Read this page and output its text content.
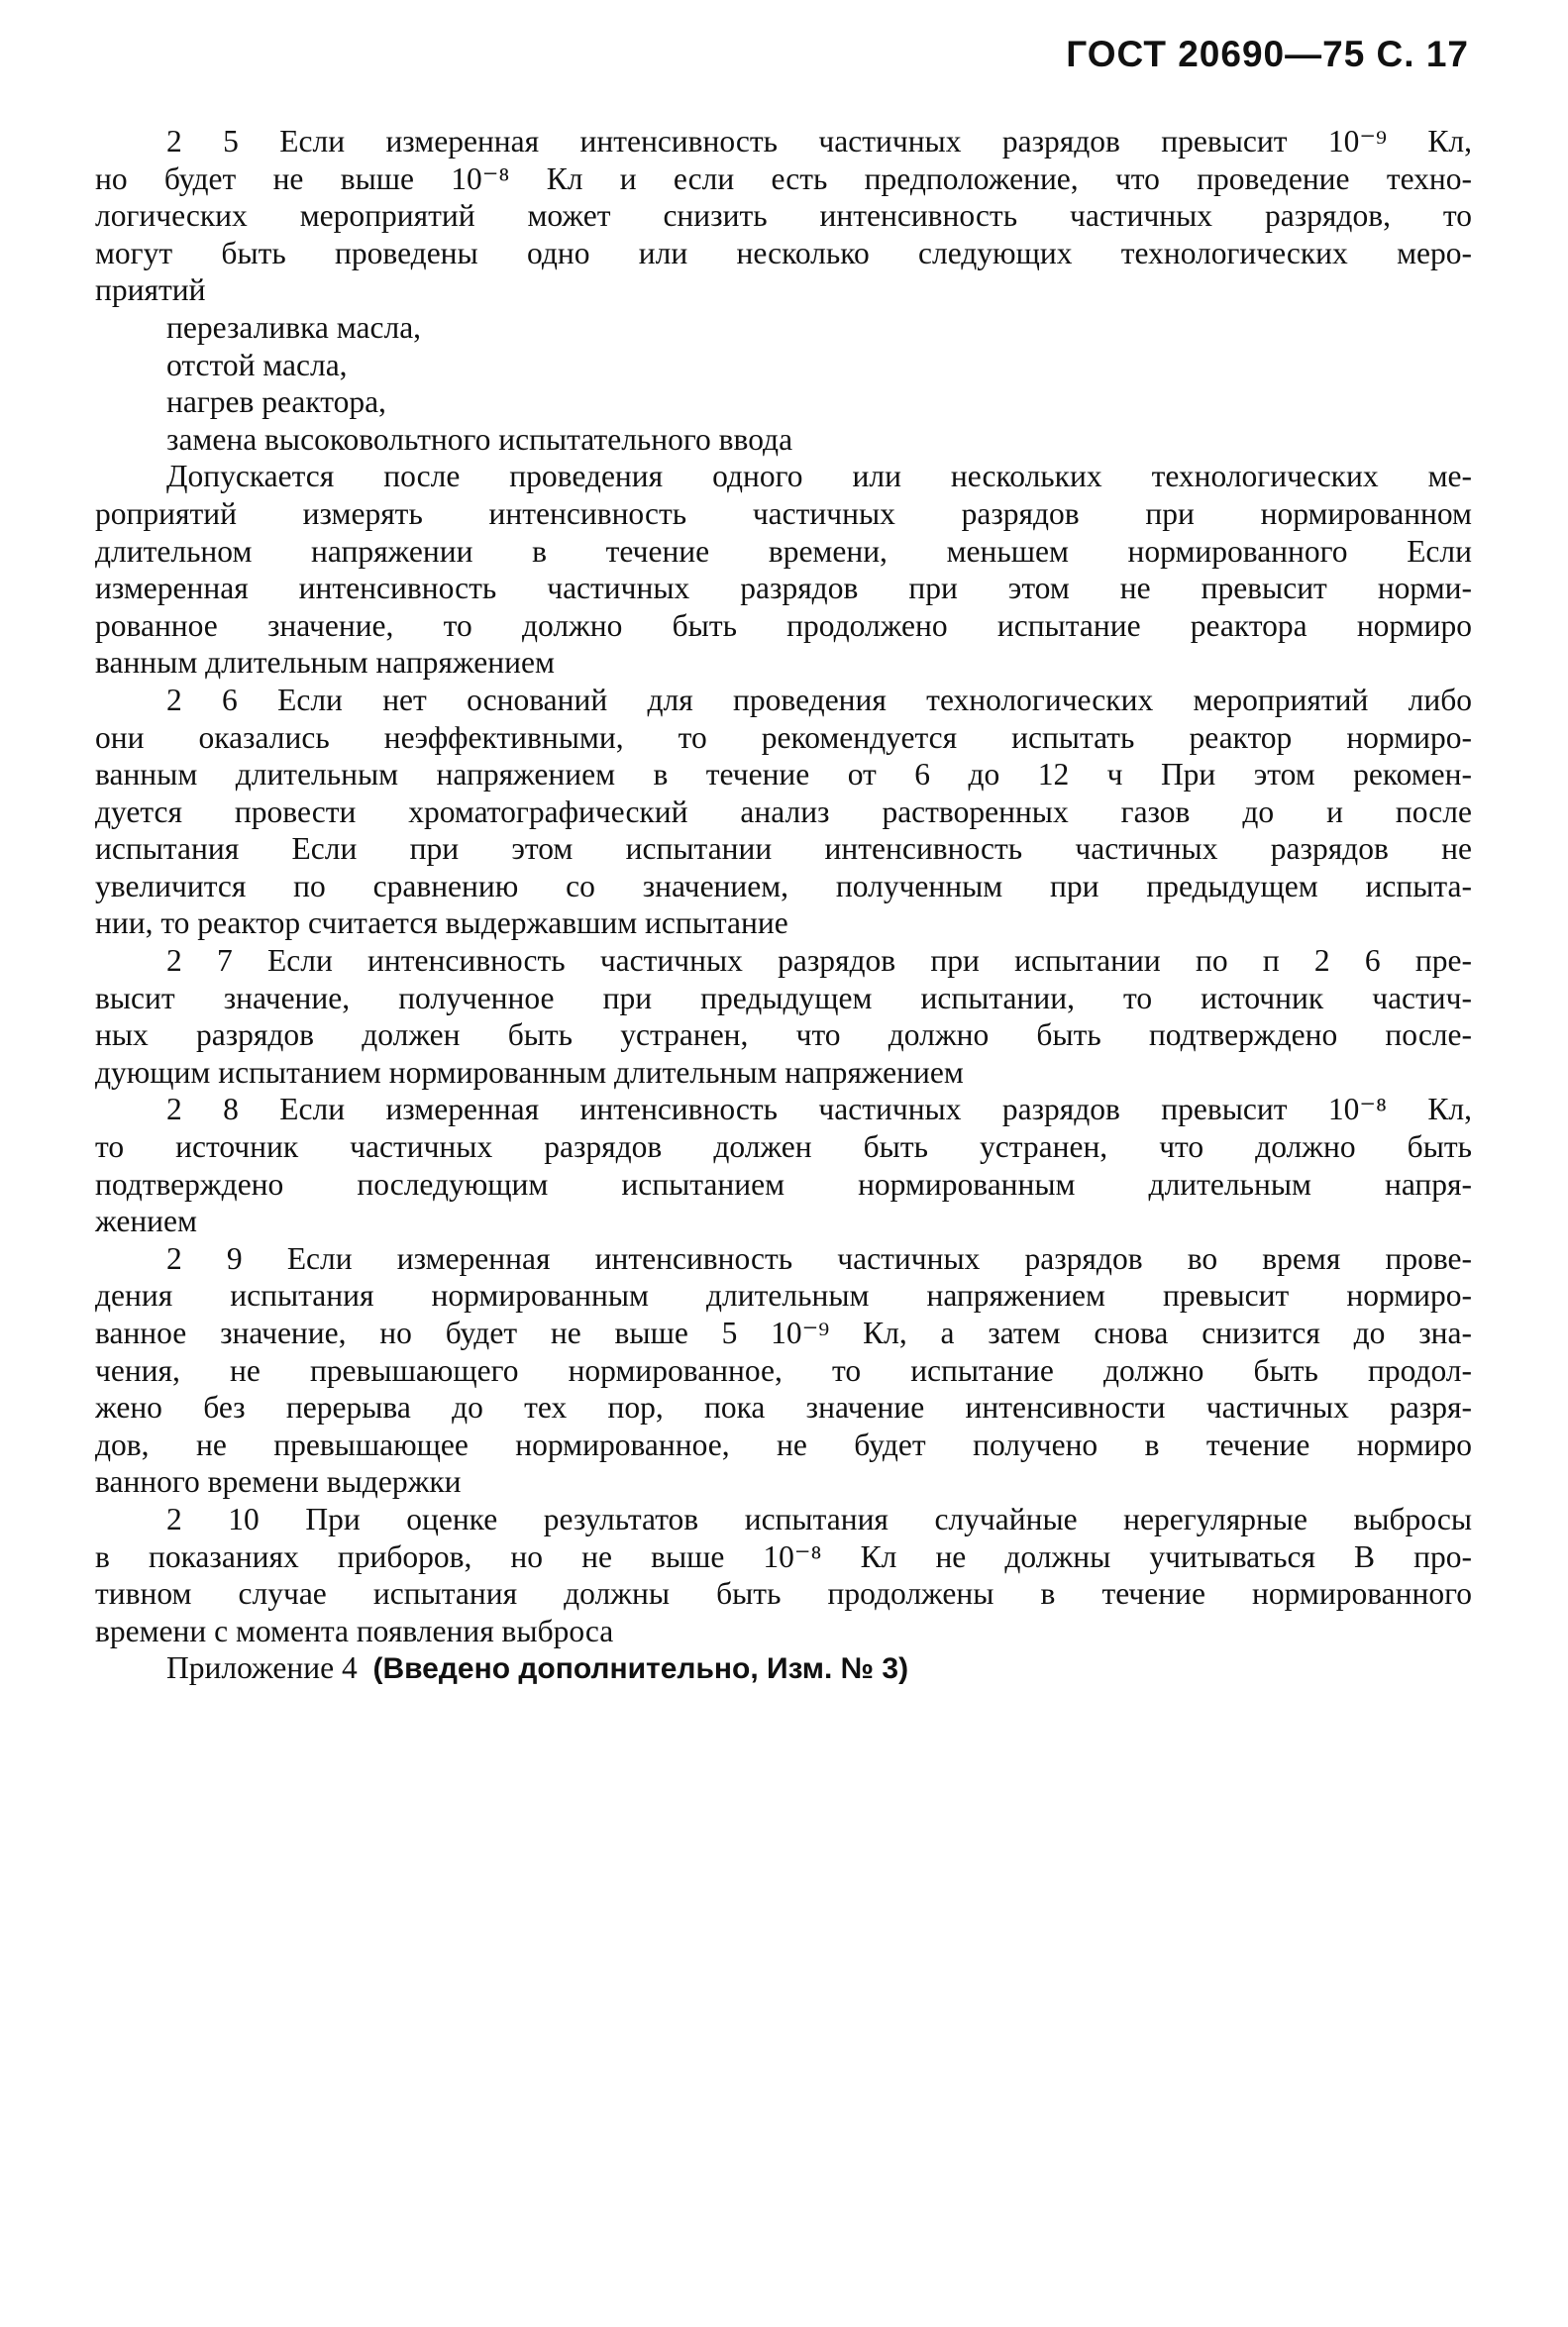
ГОСТ 20690—75 С. 17
2 5 Если измеренная интенсивность частичных разрядов превысит 10⁻⁹ Кл,
но будет не выше 10⁻⁸ Кл и если есть предположение, что проведение техно-
логических мероприятий может снизить интенсивность частичных разрядов, то
могут быть проведены одно или несколько следующих технологических меро-
приятий
перезаливка масла,
отстой масла,
нагрев реактора,
замена высоковольтного испытательного ввода
Допускается после проведения одного или нескольких технологических ме-
роприятий измерять интенсивность частичных разрядов при нормированном
длительном напряжении в течение времени, меньшем нормированного Если
измеренная интенсивность частичных разрядов при этом не превысит норми-
рованное значение, то должно быть продолжено испытание реактора нормиро
ванным длительным напряжением
2 6 Если нет оснований для проведения технологических мероприятий либо
они оказались неэффективными, то рекомендуется испытать реактор нормиро-
ванным длительным напряжением в течение от 6 до 12 ч При этом рекомен-
дуется провести хроматографический анализ растворенных газов до и после
испытания Если при этом испытании интенсивность частичных разрядов не
увеличится по сравнению со значением, полученным при предыдущем испыта-
нии, то реактор считается выдержавшим испытание
2 7 Если интенсивность частичных разрядов при испытании по п 2 6 пре-
высит значение, полученное при предыдущем испытании, то источник частич-
ных разрядов должен быть устранен, что должно быть подтверждено после-
дующим испытанием нормированным длительным напряжением
2 8 Если измеренная интенсивность частичных разрядов превысит 10⁻⁸ Кл,
то источник частичных разрядов должен быть устранен, что должно быть
подтверждено последующим испытанием нормированным длительным напря-
жением
2 9 Если измеренная интенсивность частичных разрядов во время прове-
дения испытания нормированным длительным напряжением превысит нормиро-
ванное значение, но будет не выше 5 10⁻⁹ Кл, а затем снова снизится до зна-
чения, не превышающего нормированное, то испытание должно быть продол-
жено без перерыва до тех пор, пока значение интенсивности частичных разря-
дов, не превышающее нормированное, не будет получено в течение нормиро
ванного времени выдержки
2 10 При оценке результатов испытания случайные нерегулярные выбросы
в показаниях приборов, но не выше 10⁻⁸ Кл не должны учитываться В про-
тивном случае испытания должны быть продолжены в течение нормированного
времени с момента появления выброса
Приложение 4 (Введено дополнительно, Изм. № 3)
